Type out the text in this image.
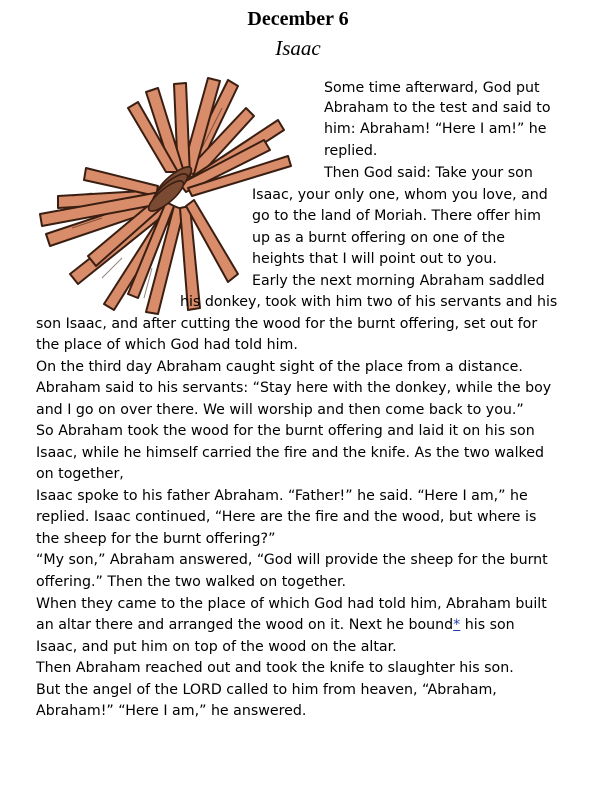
December 6
Isaac
Some time afterward, God put
Abraham to the test and said to
him: Abraham! “Here I am!” he
replied.
Then God said: Take your son
Isaac, your only one, whom you love, and
go to the land of Moriah. There offer him
up as a burnt offering on one of the
heights that I will point out to you.
Early the next morning Abraham saddled
his donkey, took with him two of his servants and his
son Isaac, and after cutting the wood for the burnt offering, set out for
the place of which God had told him.
On the third day Abraham caught sight of the place from a distance.
Abraham said to his servants: “Stay here with the donkey, while the boy
and I go on over there. We will worship and then come back to you.”
So Abraham took the wood for the burnt offering and laid it on his son
Isaac, while he himself carried the fire and the knife. As the two walked
on together,
Isaac spoke to his father Abraham. “Father!” he said. “Here I am,” he
replied. Isaac continued, “Here are the fire and the wood, but where is
the sheep for the burnt offering?”
“My son,” Abraham answered, “God will provide the sheep for the burnt
offering.” Then the two walked on together.
When they came to the place of which God had told him, Abraham built
an altar there and arranged the wood on it. Next he bound* his son
Isaac, and put him on top of the wood on the altar.
Then Abraham reached out and took the knife to slaughter his son.
But the angel of the LORD called to him from heaven, “Abraham,
Abraham!” “Here I am,” he answered.
